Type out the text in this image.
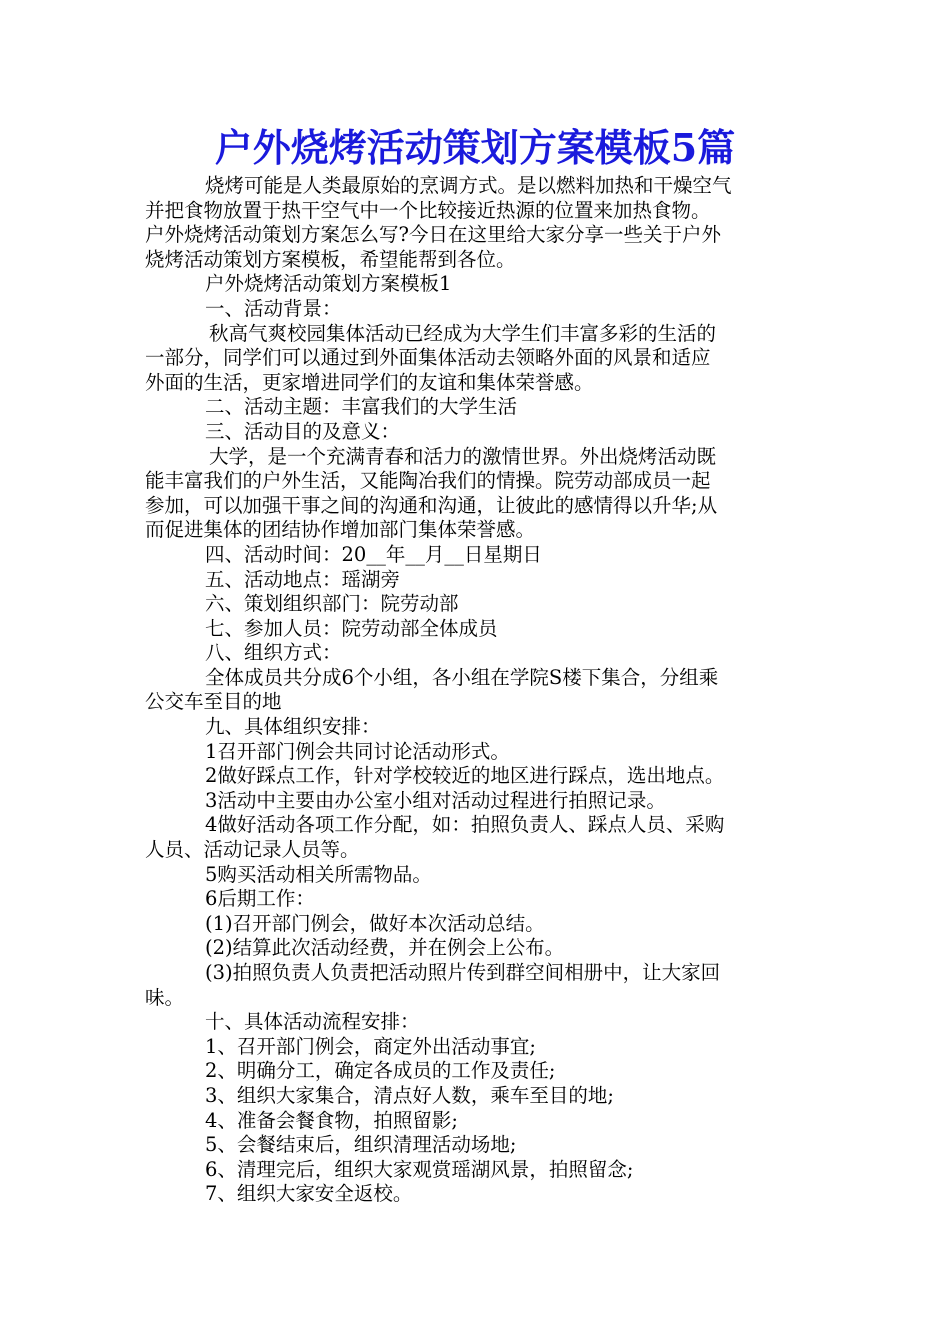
户外烧烤活动策划方案模板5篇

烧烤可能是人类最原始的烹调方式。是以燃料加热和干燥空气

并把食物放置于热干空气中一个比较接近热源的位置来加热食物。

户外烧烤活动策划方案怎么写?今日在这里给大家分享一些关于户外

烧烤活动策划方案模板，希望能帮到各位。

户外烧烤活动策划方案模板1

一、活动背景：

秋高气爽校园集体活动已经成为大学生们丰富多彩的生活的

一部分，同学们可以通过到外面集体活动去领略外面的风景和适应

外面的生活，更家增进同学们的友谊和集体荣誉感。

二、活动主题：丰富我们的大学生活

三、活动目的及意义：

大学，是一个充满青春和活力的激情世界。外出烧烤活动既

能丰富我们的户外生活，又能陶冶我们的情操。院劳动部成员一起

参加，可以加强干事之间的沟通和沟通，让彼此的感情得以升华;从

而促进集体的团结协作增加部门集体荣誉感。

四、活动时间：20__年__月__日星期日

五、活动地点：瑶湖旁

六、策划组织部门：院劳动部

七、参加人员：院劳动部全体成员

八、组织方式：

全体成员共分成6个小组，各小组在学院S楼下集合，分组乘

公交车至目的地

九、具体组织安排：

1召开部门例会共同讨论活动形式。

2做好踩点工作，针对学校较近的地区进行踩点，选出地点。

3活动中主要由办公室小组对活动过程进行拍照记录。

4做好活动各项工作分配，如：拍照负责人、踩点人员、采购

人员、活动记录人员等。

5购买活动相关所需物品。

6后期工作：

(1)召开部门例会，做好本次活动总结。

(2)结算此次活动经费，并在例会上公布。

(3)拍照负责人负责把活动照片传到群空间相册中，让大家回

味。

十、具体活动流程安排：

1、召开部门例会，商定外出活动事宜;

2、明确分工，确定各成员的工作及责任;

3、组织大家集合，清点好人数，乘车至目的地;

4、准备会餐食物，拍照留影;

5、会餐结束后，组织清理活动场地;

6、清理完后，组织大家观赏瑶湖风景，拍照留念;

7、组织大家安全返校。
